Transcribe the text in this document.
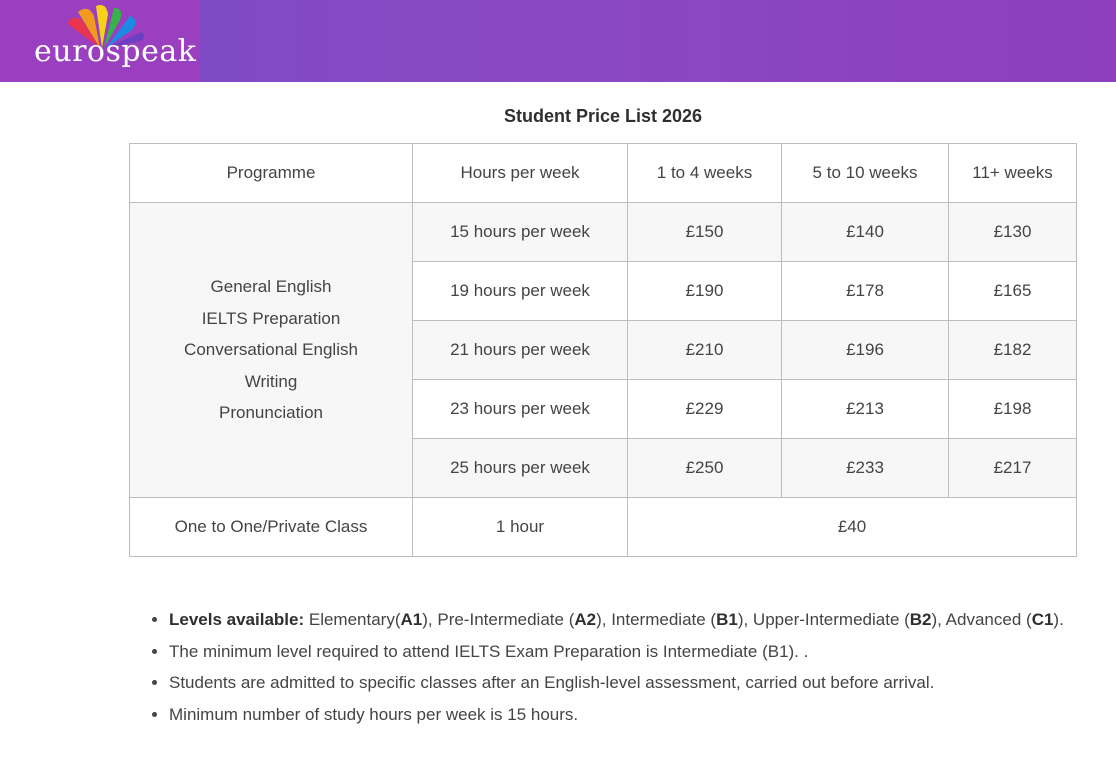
eurospeak
Student Price List 2026
Programme	Hours per week	1 to 4 weeks	5 to 10 weeks	11+ weeks

General English
IELTS Preparation
Conversational English
Writing
Pronunciation	15 hours per week	£150	£140	£130
	19 hours per week	£190	£178	£165
	21 hours per week	£210	£196	£182
	23 hours per week	£229	£213	£198
	25 hours per week	£250	£233	£217
One to One/Private Class	1 hour	£40		
• Levels available: Elementary(A1), Pre-Intermediate (A2), Intermediate (B1), Upper-Intermediate (B2), Advanced (C1).
• The minimum level required to attend IELTS Exam Preparation is Intermediate (B1). .
• Students are admitted to specific classes after an English-level assessment, carried out before arrival.
• Minimum number of study hours per week is 15 hours.
